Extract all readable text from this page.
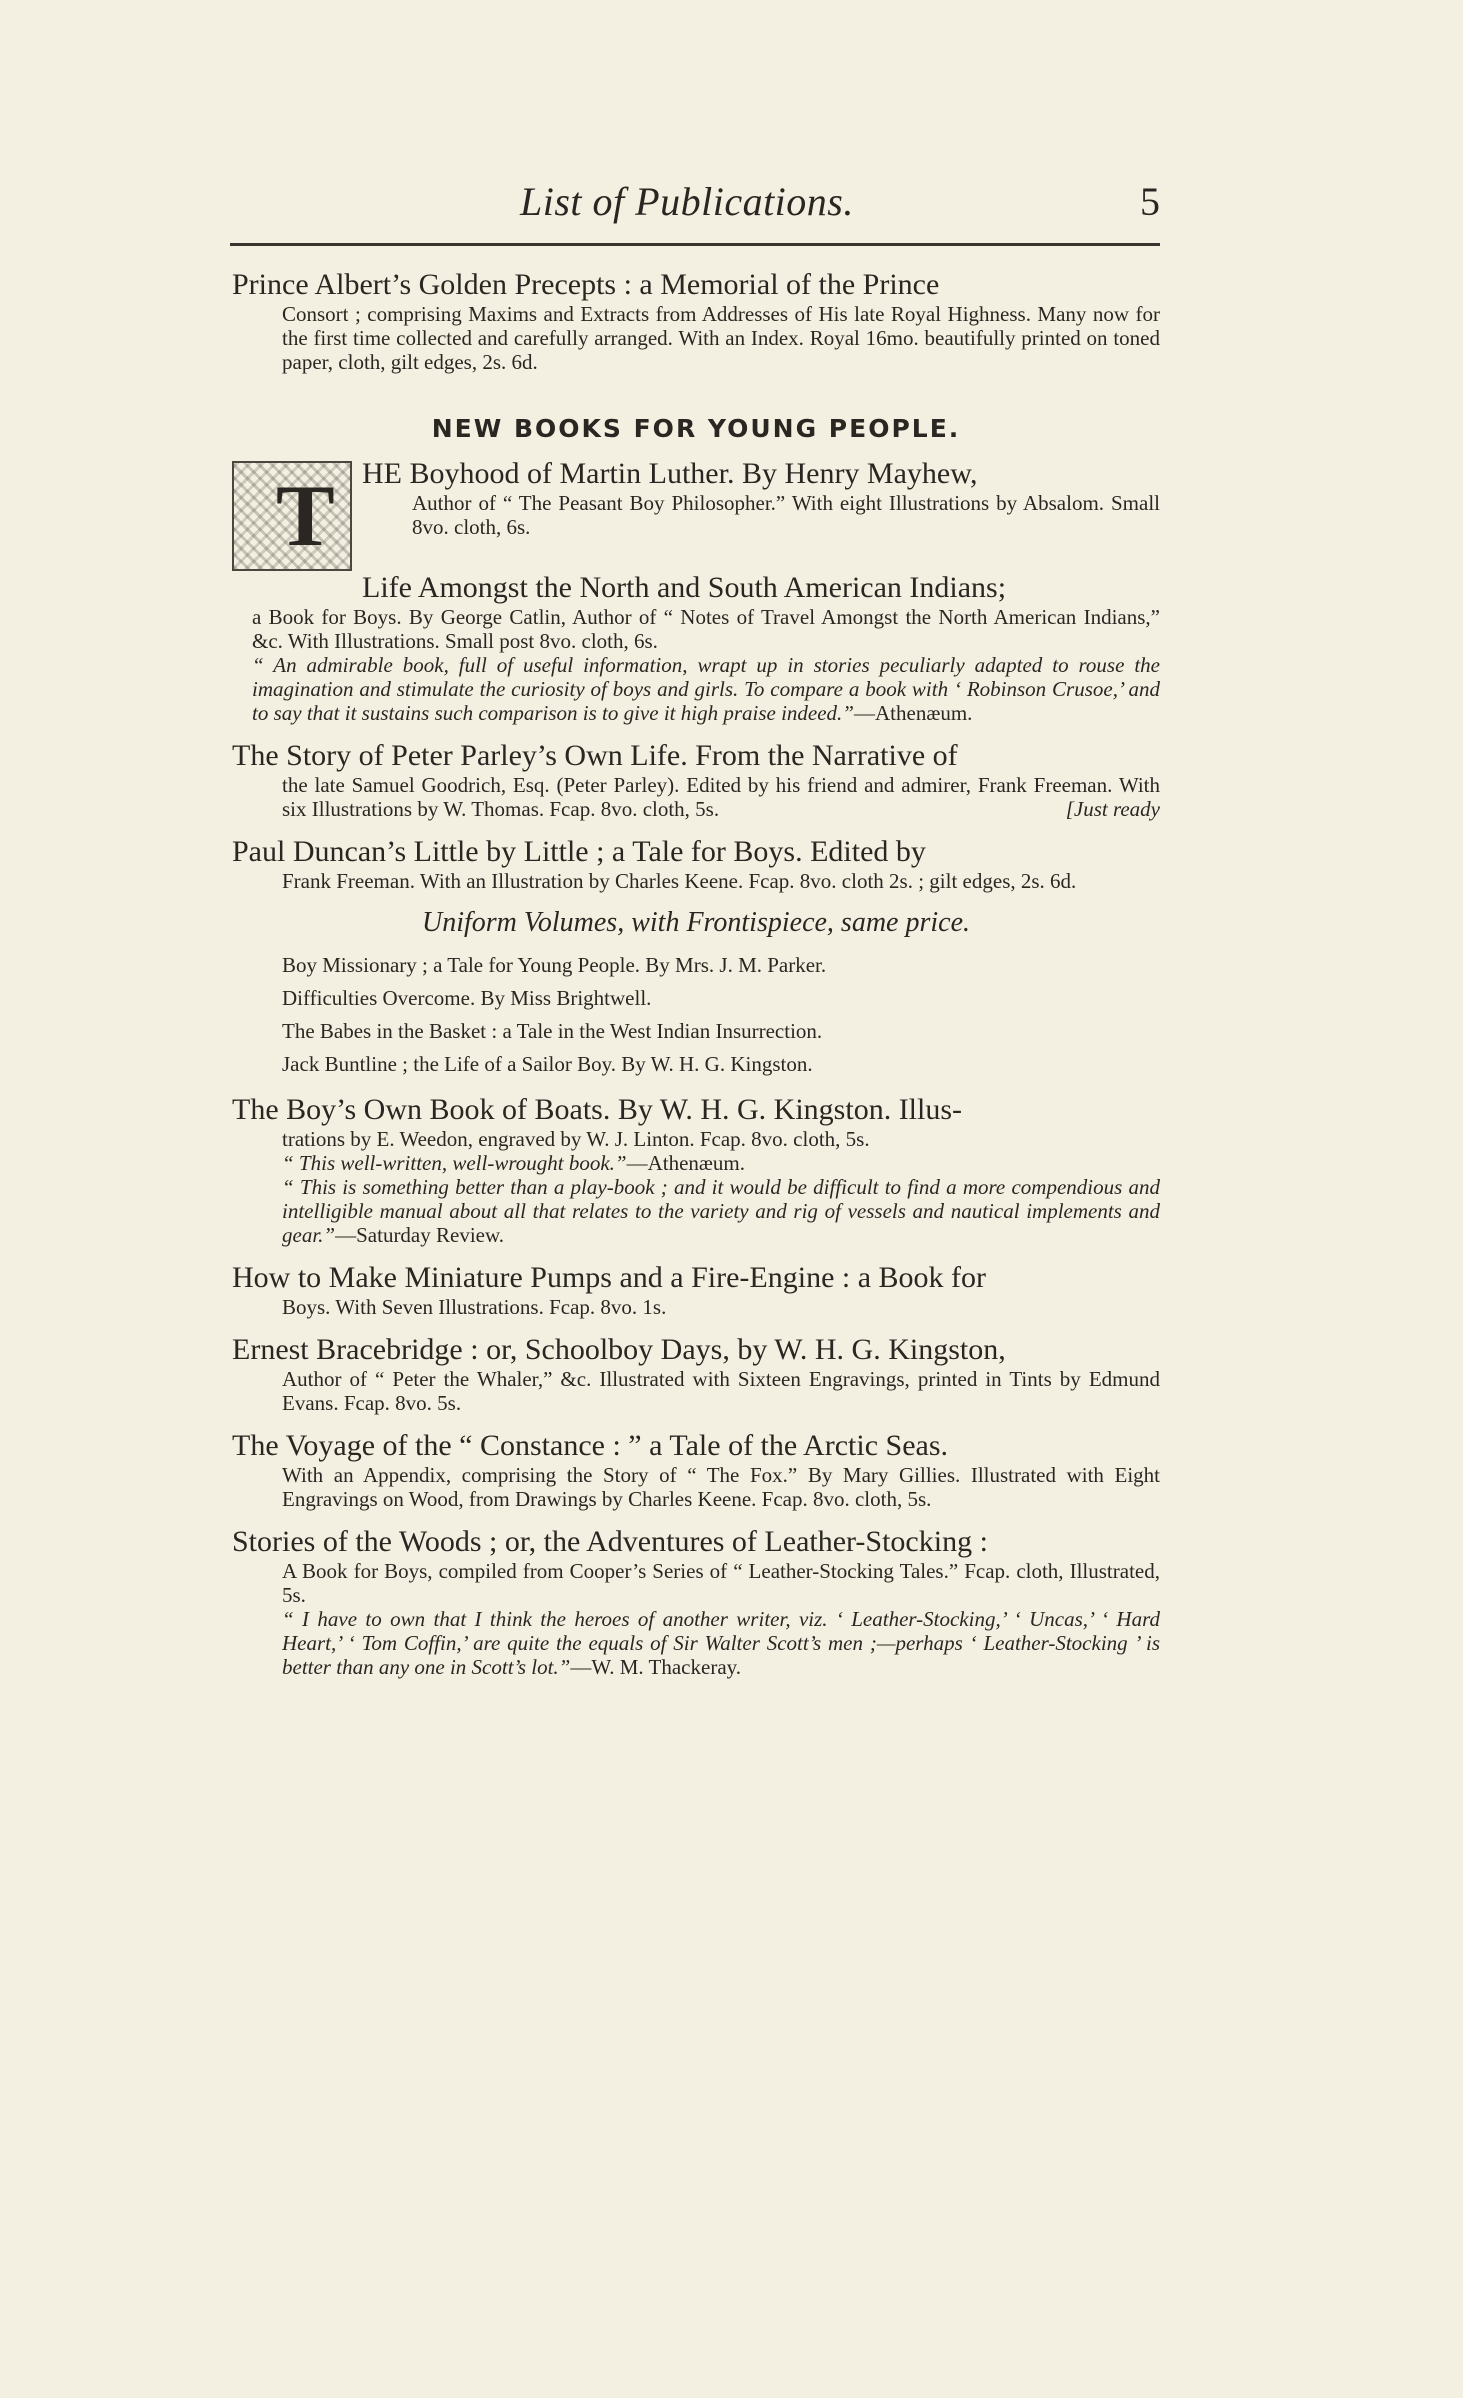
List of Publications.	5
Prince Albert’s Golden Precepts : a Memorial of the Prince
Consort ; comprising Maxims and Extracts from Addresses of His late Royal Highness. Many now for the first time collected and carefully arranged. With an Index. Royal 16mo. beautifully printed on toned paper, cloth, gilt edges, 2s. 6d.
NEW BOOKS FOR YOUNG PEOPLE.
T HE Boyhood of Martin Luther. By Henry Mayhew,
Author of “ The Peasant Boy Philosopher.” With eight Illustrations by Absalom. Small 8vo. cloth, 6s.
Life Amongst the North and South American Indians;
a Book for Boys. By George Catlin, Author of “ Notes of Travel Amongst the North American Indians,” &c. With Illustrations. Small post 8vo. cloth, 6s.
“ An admirable book, full of useful information, wrapt up in stories peculiarly adapted to rouse the imagination and stimulate the curiosity of boys and girls. To compare a book with ‘ Robinson Crusoe,’ and to say that it sustains such comparison is to give it high praise indeed.”—Athenæum.
The Story of Peter Parley’s Own Life. From the Narrative of
the late Samuel Goodrich, Esq. (Peter Parley). Edited by his friend and admirer, Frank Freeman. With six Illustrations by W. Thomas. Fcap. 8vo. cloth, 5s.	[Just ready
Paul Duncan’s Little by Little ; a Tale for Boys. Edited by
Frank Freeman. With an Illustration by Charles Keene. Fcap. 8vo. cloth 2s. ; gilt edges, 2s. 6d.
Uniform Volumes, with Frontispiece, same price.
Boy Missionary ; a Tale for Young People. By Mrs. J. M. Parker.
Difficulties Overcome. By Miss Brightwell.
The Babes in the Basket : a Tale in the West Indian Insurrection.
Jack Buntline ; the Life of a Sailor Boy. By W. H. G. Kingston.
The Boy’s Own Book of Boats. By W. H. G. Kingston. Illus-
trations by E. Weedon, engraved by W. J. Linton. Fcap. 8vo. cloth, 5s.
“ This well-written, well-wrought book.”—Athenæum.
“ This is something better than a play-book ; and it would be difficult to find a more compendious and intelligible manual about all that relates to the variety and rig of vessels and nautical implements and gear.”—Saturday Review.
How to Make Miniature Pumps and a Fire-Engine : a Book for
Boys. With Seven Illustrations. Fcap. 8vo. 1s.
Ernest Bracebridge : or, Schoolboy Days, by W. H. G. Kingston,
Author of “ Peter the Whaler,” &c. Illustrated with Sixteen Engravings, printed in Tints by Edmund Evans. Fcap. 8vo. 5s.
The Voyage of the “ Constance : ” a Tale of the Arctic Seas.
With an Appendix, comprising the Story of “ The Fox.” By Mary Gillies. Illustrated with Eight Engravings on Wood, from Drawings by Charles Keene. Fcap. 8vo. cloth, 5s.
Stories of the Woods ; or, the Adventures of Leather-Stocking :
A Book for Boys, compiled from Cooper’s Series of “ Leather-Stocking Tales.” Fcap. cloth, Illustrated, 5s.
“ I have to own that I think the heroes of another writer, viz. ‘ Leather-Stocking,’ ‘ Uncas,’ ‘ Hard Heart,’ ‘ Tom Coffin,’ are quite the equals of Sir Walter Scott’s men ;—perhaps ‘ Leather-Stocking ’ is better than any one in Scott’s lot.”—W. M. Thackeray.
